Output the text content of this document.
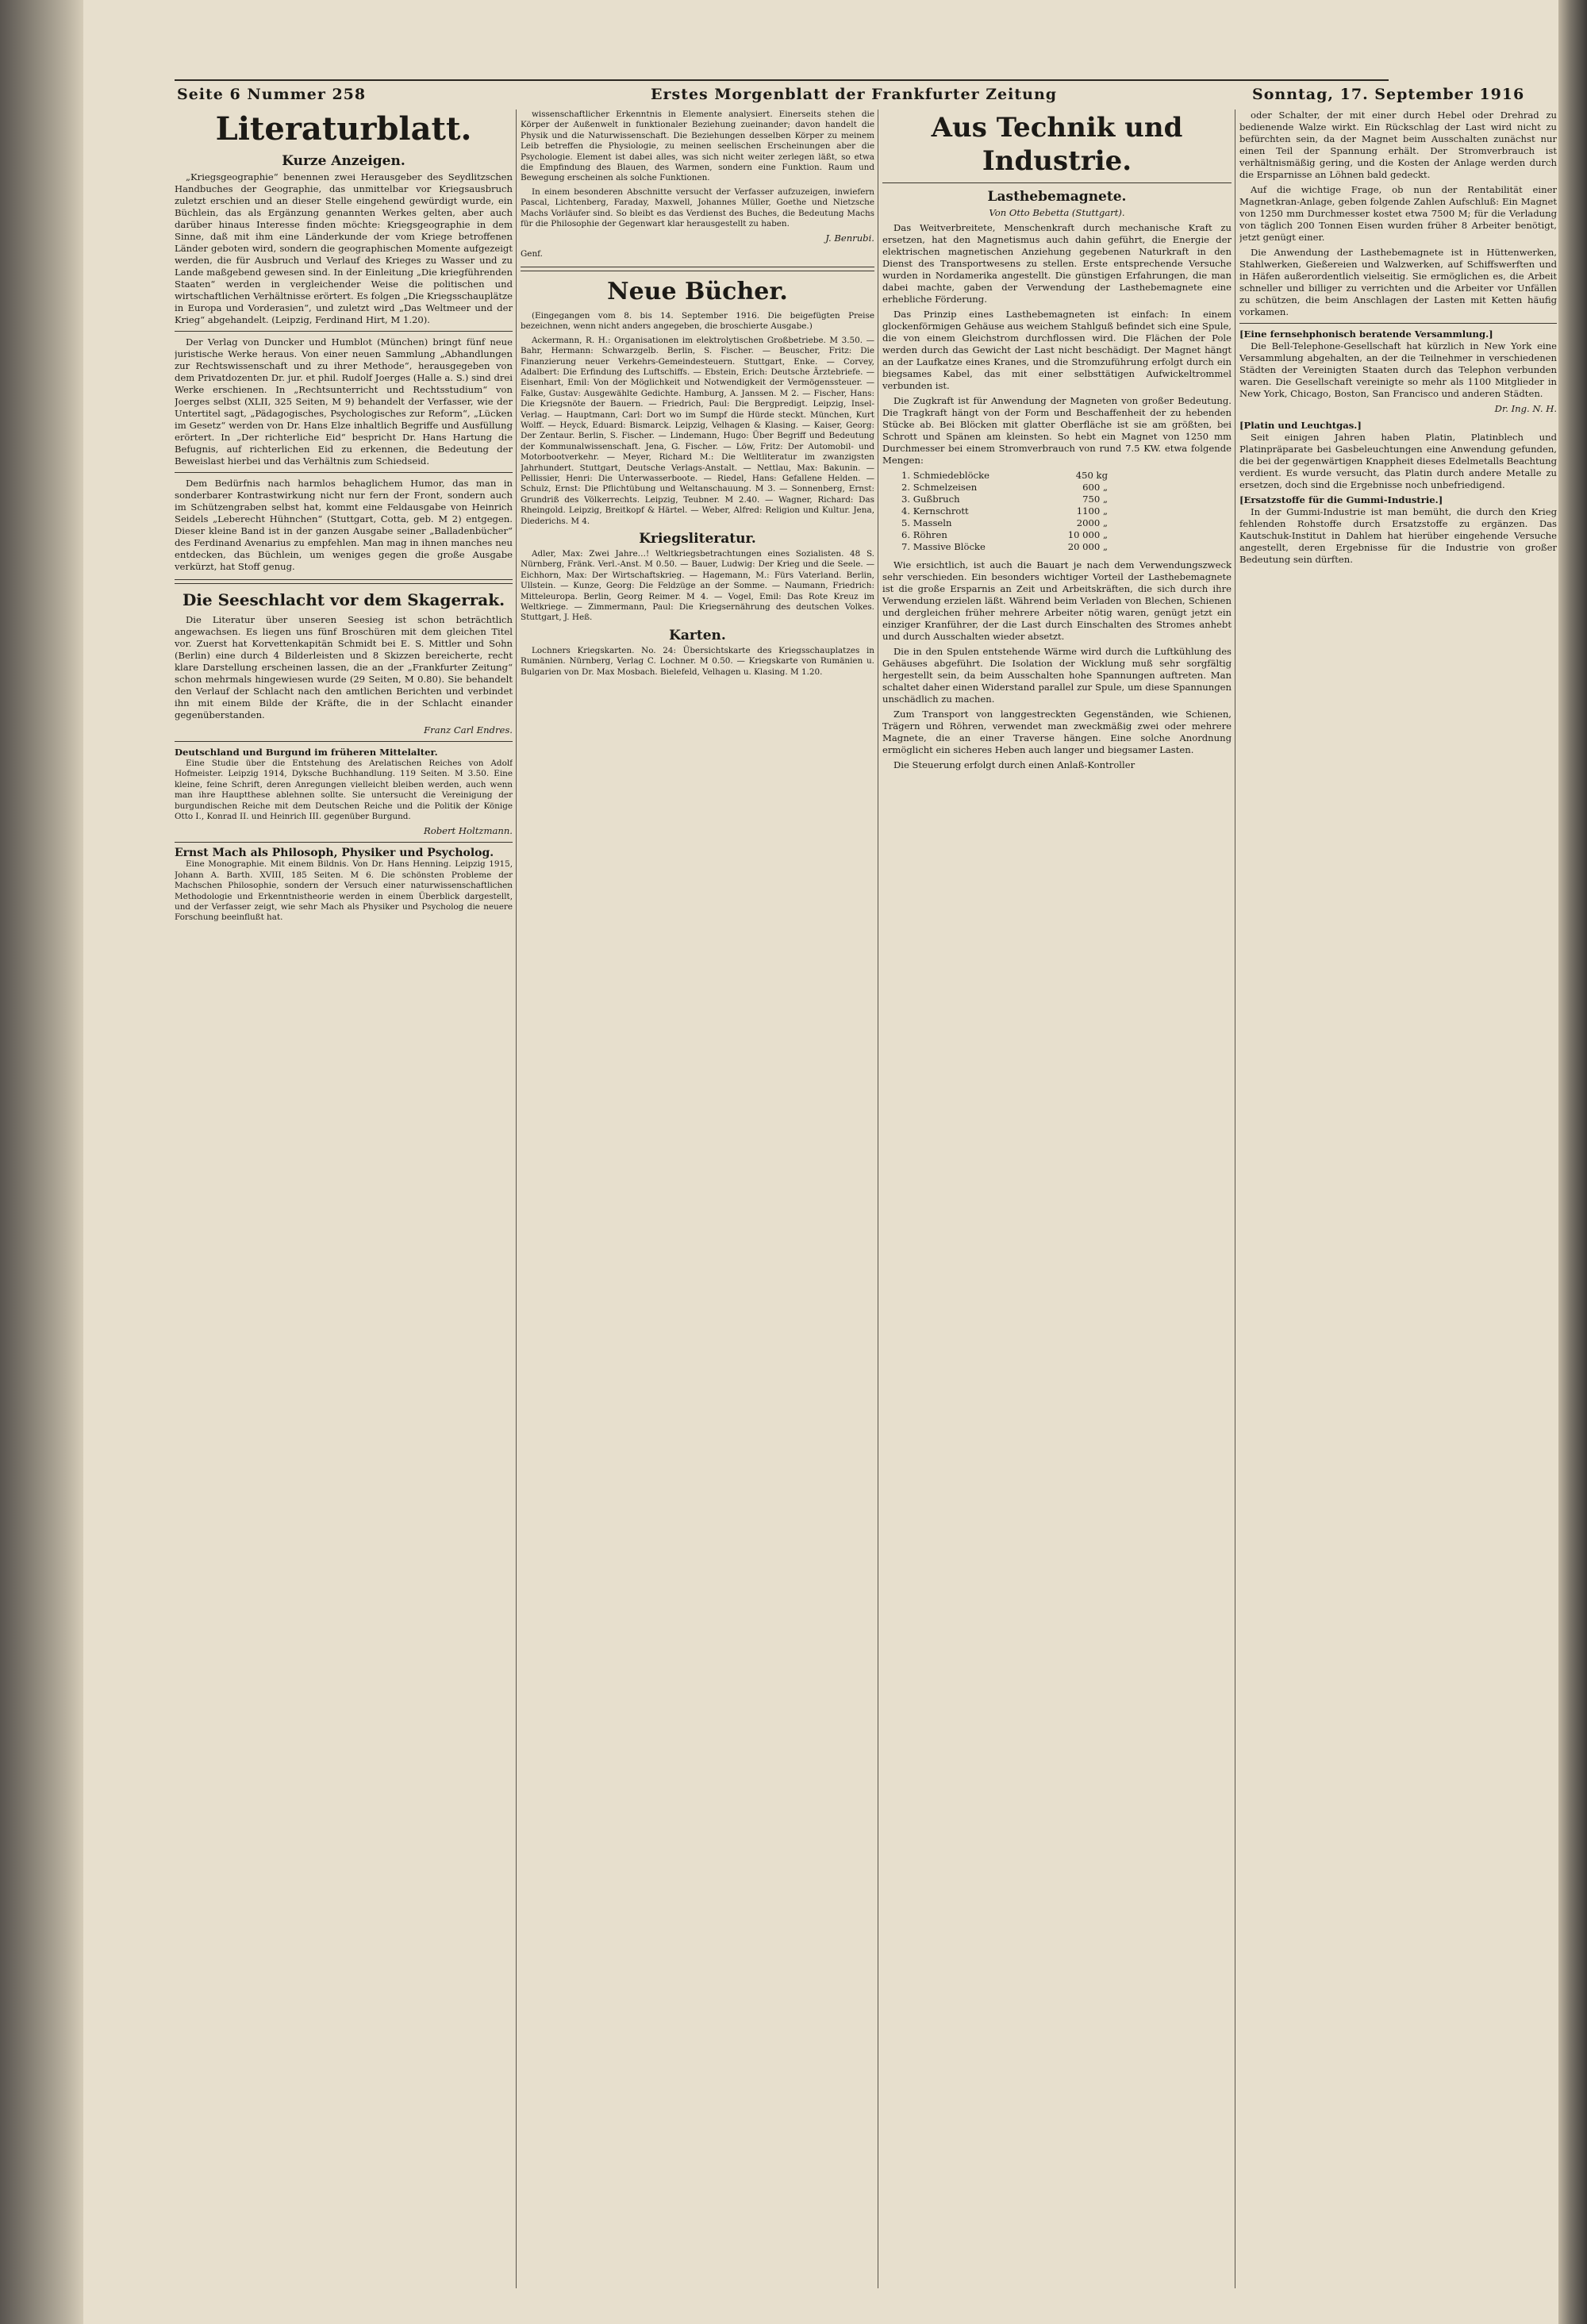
Seite 6 Nummer 258	Erstes Morgenblatt der Frankfurter Zeitung	Sonntag, 17. September 1916
Literaturblatt.
Kurze Anzeigen.

„Kriegsgeographie“ benennen zwei Herausgeber des Seydlitzschen Handbuches der Geographie, das unmittelbar vor Kriegsausbruch zuletzt erschien und an dieser Stelle eingehend gewürdigt wurde, ein Büchlein, das als Ergänzung genannten Werkes gelten, aber auch darüber hinaus Interesse finden möchte: Kriegsgeographie in dem Sinne, daß mit ihm eine Länderkunde der vom Kriege betroffenen Länder geboten wird, sondern die geographischen Momente aufgezeigt werden, die für Ausbruch und Verlauf des Krieges zu Wasser und zu Lande maßgebend gewesen sind. In der Einleitung „Die kriegführenden Staaten“ werden in vergleichender Weise die politischen und wirtschaftlichen Verhältnisse erörtert. Es folgen „Die Kriegsschauplätze in Europa und Vorderasien“, und zuletzt wird „Das Weltmeer und der Krieg“ abgehandelt. (Leipzig, Ferdinand Hirt, M 1.20).

Der Verlag von Duncker und Humblot (München) bringt fünf neue juristische Werke heraus. Von einer neuen Sammlung „Abhandlungen zur Rechtswissenschaft und zu ihrer Methode“, herausgegeben von dem Privatdozenten Dr. jur. et phil. Rudolf Joerges (Halle a. S.) sind drei Werke erschienen. In „Rechtsunterricht und Rechtsstudium“ von Joerges selbst (XLII, 325 Seiten, M 9) behandelt der Verfasser, wie der Untertitel sagt, „Pädagogisches, Psychologisches zur Reform“, „Lücken im Gesetz“ werden von Dr. Hans Elze inhaltlich Begriffe und Ausfüllung erörtert. In „Der richterliche Eid“ bespricht Dr. Hans Hartung die Befugnis, auf richterlichen Eid zu erkennen, die Bedeutung der Beweislast hierbei und das Verhältnis zum Schiedseid.

Dem Bedürfnis nach harmlos behaglichem Humor, das man in sonderbarer Kontrastwirkung nicht nur fern der Front, sondern auch im Schützengraben selbst hat, kommt eine Feldausgabe von Heinrich Seidels „Leberecht Hühnchen“ (Stuttgart, Cotta, geb. M 2) entgegen. Dieser kleine Band ist in der ganzen Ausgabe seiner „Balladenbücher“ des Ferdinand Avenarius zu empfehlen. Man mag in ihnen manches neu entdecken, das Büchlein, um weniges gegen die große Ausgabe verkürzt, hat Stoff genug.

Die Seeschlacht vor dem Skagerrak.

Die Literatur über unseren Seesieg ist schon beträchtlich angewachsen. Es liegen uns fünf Broschüren mit dem gleichen Titel vor. Zuerst hat Korvettenkapitän Schmidt bei E. S. Mittler und Sohn (Berlin) eine durch 4 Bilderleisten und 8 Skizzen bereicherte, recht klare Darstellung erscheinen lassen, die an der „Frankfurter Zeitung“ schon mehrmals hingewiesen wurde (29 Seiten, M 0.80). Sie behandelt den Verlauf der Schlacht nach den amtlichen Berichten und verbindet ihn mit einem Bilde der Kräfte, die in der Schlacht einander gegenüberstanden.

Franz Carl Endres.
Deutschland und Burgund im früheren Mittelalter.

Eine Studie über die Entstehung des Arelatischen Reiches von Adolf Hofmeister. Leipzig 1914, Dyksche Buchhandlung. 119 Seiten. M 3.50. Eine kleine, feine Schrift, deren Anregungen vielleicht bleiben werden, auch wenn man ihre Hauptthese ablehnen sollte. Sie untersucht die Vereinigung der burgundischen Reiche mit dem Deutschen Reiche und die Politik der Könige Otto I., Konrad II. und Heinrich III. gegenüber Burgund.

Robert Holtzmann.
Ernst Mach als Philosoph, Physiker und Psycholog.

Eine Monographie. Mit einem Bildnis. Von Dr. Hans Henning. Leipzig 1915, Johann A. Barth. XVIII, 185 Seiten. M 6. Die schönsten Probleme der Machschen Philosophie, sondern der Versuch einer naturwissenschaftlichen Methodologie und Erkenntnistheorie werden in einem Überblick dargestellt, und der Verfasser zeigt, wie sehr Mach als Physiker und Psycholog die neuere Forschung beeinflußt hat.

wissenschaftlicher Erkenntnis in Elemente analysiert. Einerseits stehen die Körper der Außenwelt in funktionaler Beziehung zueinander; davon handelt die Physik und die Naturwissenschaft. Die Beziehungen desselben Körper zu meinem Leib betreffen die Physiologie, zu meinen seelischen Erscheinungen aber die Psychologie. Element ist dabei alles, was sich nicht weiter zerlegen läßt, so etwa die Empfindung des Blauen, des Warmen, sondern eine Funktion. Raum und Bewegung erscheinen als solche Funktionen.

In einem besonderen Abschnitte versucht der Verfasser aufzuzeigen, inwiefern Pascal, Lichtenberg, Faraday, Maxwell, Johannes Müller, Goethe und Nietzsche Machs Vorläufer sind. So bleibt es das Verdienst des Buches, die Bedeutung Machs für die Philosophie der Gegenwart klar herausgestellt zu haben.

J. Benrubi.
Genf.
Neue Bücher.

(Eingegangen vom 8. bis 14. September 1916. Die beigefügten Preise bezeichnen, wenn nicht anders angegeben, die broschierte Ausgabe.)

Ackermann, R. H.: Organisationen im elektrolytischen Großbetriebe. M 3.50. — Bahr, Hermann: Schwarzgelb. Berlin, S. Fischer. — Beuscher, Fritz: Die Finanzierung neuer Verkehrs-Gemeindesteuern. Stuttgart, Enke. — Corvey, Adalbert: Die Erfindung des Luftschiffs. — Ebstein, Erich: Deutsche Ärztebriefe. — Eisenhart, Emil: Von der Möglichkeit und Notwendigkeit der Vermögenssteuer. — Falke, Gustav: Ausgewählte Gedichte. Hamburg, A. Janssen. M 2. — Fischer, Hans: Die Kriegsnöte der Bauern. — Friedrich, Paul: Die Bergpredigt. Leipzig, Insel-Verlag. — Hauptmann, Carl: Dort wo im Sumpf die Hürde steckt. München, Kurt Wolff. — Heyck, Eduard: Bismarck. Leipzig, Velhagen & Klasing. — Kaiser, Georg: Der Zentaur. Berlin, S. Fischer. — Lindemann, Hugo: Über Begriff und Bedeutung der Kommunalwissenschaft. Jena, G. Fischer. — Löw, Fritz: Der Automobil- und Motorbootverkehr. — Meyer, Richard M.: Die Weltliteratur im zwanzigsten Jahrhundert. Stuttgart, Deutsche Verlags-Anstalt. — Nettlau, Max: Bakunin. — Pellissier, Henri: Die Unterwasserboote. — Riedel, Hans: Gefallene Helden. — Schulz, Ernst: Die Pflichtübung und Weltanschauung. M 3. — Sonnenberg, Ernst: Grundriß des Völkerrechts. Leipzig, Teubner. M 2.40. — Wagner, Richard: Das Rheingold. Leipzig, Breitkopf & Härtel. — Weber, Alfred: Religion und Kultur. Jena, Diederichs. M 4.

Kriegsliteratur.

Adler, Max: Zwei Jahre…! Weltkriegsbetrachtungen eines Sozialisten. 48 S. Nürnberg, Fränk. Verl.-Anst. M 0.50. — Bauer, Ludwig: Der Krieg und die Seele. — Eichhorn, Max: Der Wirtschaftskrieg. — Hagemann, M.: Fürs Vaterland. Berlin, Ullstein. — Kunze, Georg: Die Feldzüge an der Somme. — Naumann, Friedrich: Mitteleuropa. Berlin, Georg Reimer. M 4. — Vogel, Emil: Das Rote Kreuz im Weltkriege. — Zimmermann, Paul: Die Kriegsernährung des deutschen Volkes. Stuttgart, J. Heß.

Karten.

Lochners Kriegskarten. No. 24: Übersichtskarte des Kriegsschauplatzes in Rumänien. Nürnberg, Verlag C. Lochner. M 0.50. — Kriegskarte von Rumänien u. Bulgarien von Dr. Max Mosbach. Bielefeld, Velhagen u. Klasing. M 1.20.

Aus Technik und Industrie.
Lasthebemagnete.
Von Otto Bebetta (Stuttgart).

Das Weitverbreitete, Menschenkraft durch mechanische Kraft zu ersetzen, hat den Magnetismus auch dahin geführt, die Energie der elektrischen magnetischen Anziehung gegebenen Naturkraft in den Dienst des Transportwesens zu stellen. Erste entsprechende Versuche wurden in Nordamerika angestellt. Die günstigen Erfahrungen, die man dabei machte, gaben der Verwendung der Lasthebemagnete eine erhebliche Förderung.

Das Prinzip eines Lasthebemagneten ist einfach: In einem glockenförmigen Gehäuse aus weichem Stahlguß befindet sich eine Spule, die von einem Gleichstrom durchflossen wird. Die Flächen der Pole werden durch das Gewicht der Last nicht beschädigt. Der Magnet hängt an der Laufkatze eines Kranes, und die Stromzuführung erfolgt durch ein biegsames Kabel, das mit einer selbsttätigen Aufwickeltrommel verbunden ist.

Die Zugkraft ist für Anwendung der Magneten von großer Bedeutung. Die Tragkraft hängt von der Form und Beschaffenheit der zu hebenden Stücke ab. Bei Blöcken mit glatter Oberfläche ist sie am größten, bei Schrott und Spänen am kleinsten. So hebt ein Magnet von 1250 mm Durchmesser bei einem Stromverbrauch von rund 7.5 KW. etwa folgende Mengen:

1. Schmiedeblöcke	450 kg
2. Schmelzeisen	600 „
3. Gußbruch	750 „
4. Kernschrott	1100 „
5. Masseln	2000 „
6. Röhren	10 000 „
7. Massive Blöcke	20 000 „

Wie ersichtlich, ist auch die Bauart je nach dem Verwendungszweck sehr verschieden. Ein besonders wichtiger Vorteil der Lasthebemagnete ist die große Ersparnis an Zeit und Arbeitskräften, die sich durch ihre Verwendung erzielen läßt. Während beim Verladen von Blechen, Schienen und dergleichen früher mehrere Arbeiter nötig waren, genügt jetzt ein einziger Kranführer, der die Last durch Einschalten des Stromes anhebt und durch Ausschalten wieder absetzt.

Die in den Spulen entstehende Wärme wird durch die Luftkühlung des Gehäuses abgeführt. Die Isolation der Wicklung muß sehr sorgfältig hergestellt sein, da beim Ausschalten hohe Spannungen auftreten. Man schaltet daher einen Widerstand parallel zur Spule, um diese Spannungen unschädlich zu machen.

Zum Transport von langgestreckten Gegenständen, wie Schienen, Trägern und Röhren, verwendet man zweckmäßig zwei oder mehrere Magnete, die an einer Traverse hängen. Eine solche Anordnung ermöglicht ein sicheres Heben auch langer und biegsamer Lasten.

Die Steuerung erfolgt durch einen Anlaß-Kontroller

oder Schalter, der mit einer durch Hebel oder Drehrad zu bedienende Walze wirkt. Ein Rückschlag der Last wird nicht zu befürchten sein, da der Magnet beim Ausschalten zunächst nur einen Teil der Spannung erhält. Der Stromverbrauch ist verhältnismäßig gering, und die Kosten der Anlage werden durch die Ersparnisse an Löhnen bald gedeckt.

Auf die wichtige Frage, ob nun der Rentabilität einer Magnetkran-Anlage, geben folgende Zahlen Aufschluß: Ein Magnet von 1250 mm Durchmesser kostet etwa 7500 M; für die Verladung von täglich 200 Tonnen Eisen wurden früher 8 Arbeiter benötigt, jetzt genügt einer.

Die Anwendung der Lasthebemagnete ist in Hüttenwerken, Stahlwerken, Gießereien und Walzwerken, auf Schiffswerften und in Häfen außerordentlich vielseitig. Sie ermöglichen es, die Arbeit schneller und billiger zu verrichten und die Arbeiter vor Unfällen zu schützen, die beim Anschlagen der Lasten mit Ketten häufig vorkamen.

[Eine fernsehphonisch beratende Versammlung.]

Die Bell-Telephone-Gesellschaft hat kürzlich in New York eine Versammlung abgehalten, an der die Teilnehmer in verschiedenen Städten der Vereinigten Staaten durch das Telephon verbunden waren. Die Gesellschaft vereinigte so mehr als 1100 Mitglieder in New York, Chicago, Boston, San Francisco und anderen Städten.

Dr. Ing. N. H.
[Platin und Leuchtgas.]

Seit einigen Jahren haben Platin, Platinblech und Platinpräparate bei Gasbeleuchtungen eine Anwendung gefunden, die bei der gegenwärtigen Knappheit dieses Edelmetalls Beachtung verdient. Es wurde versucht, das Platin durch andere Metalle zu ersetzen, doch sind die Ergebnisse noch unbefriedigend.

[Ersatzstoffe für die Gummi-Industrie.]

In der Gummi-Industrie ist man bemüht, die durch den Krieg fehlenden Rohstoffe durch Ersatzstoffe zu ergänzen. Das Kautschuk-Institut in Dahlem hat hierüber eingehende Versuche angestellt, deren Ergebnisse für die Industrie von großer Bedeutung sein dürften.
